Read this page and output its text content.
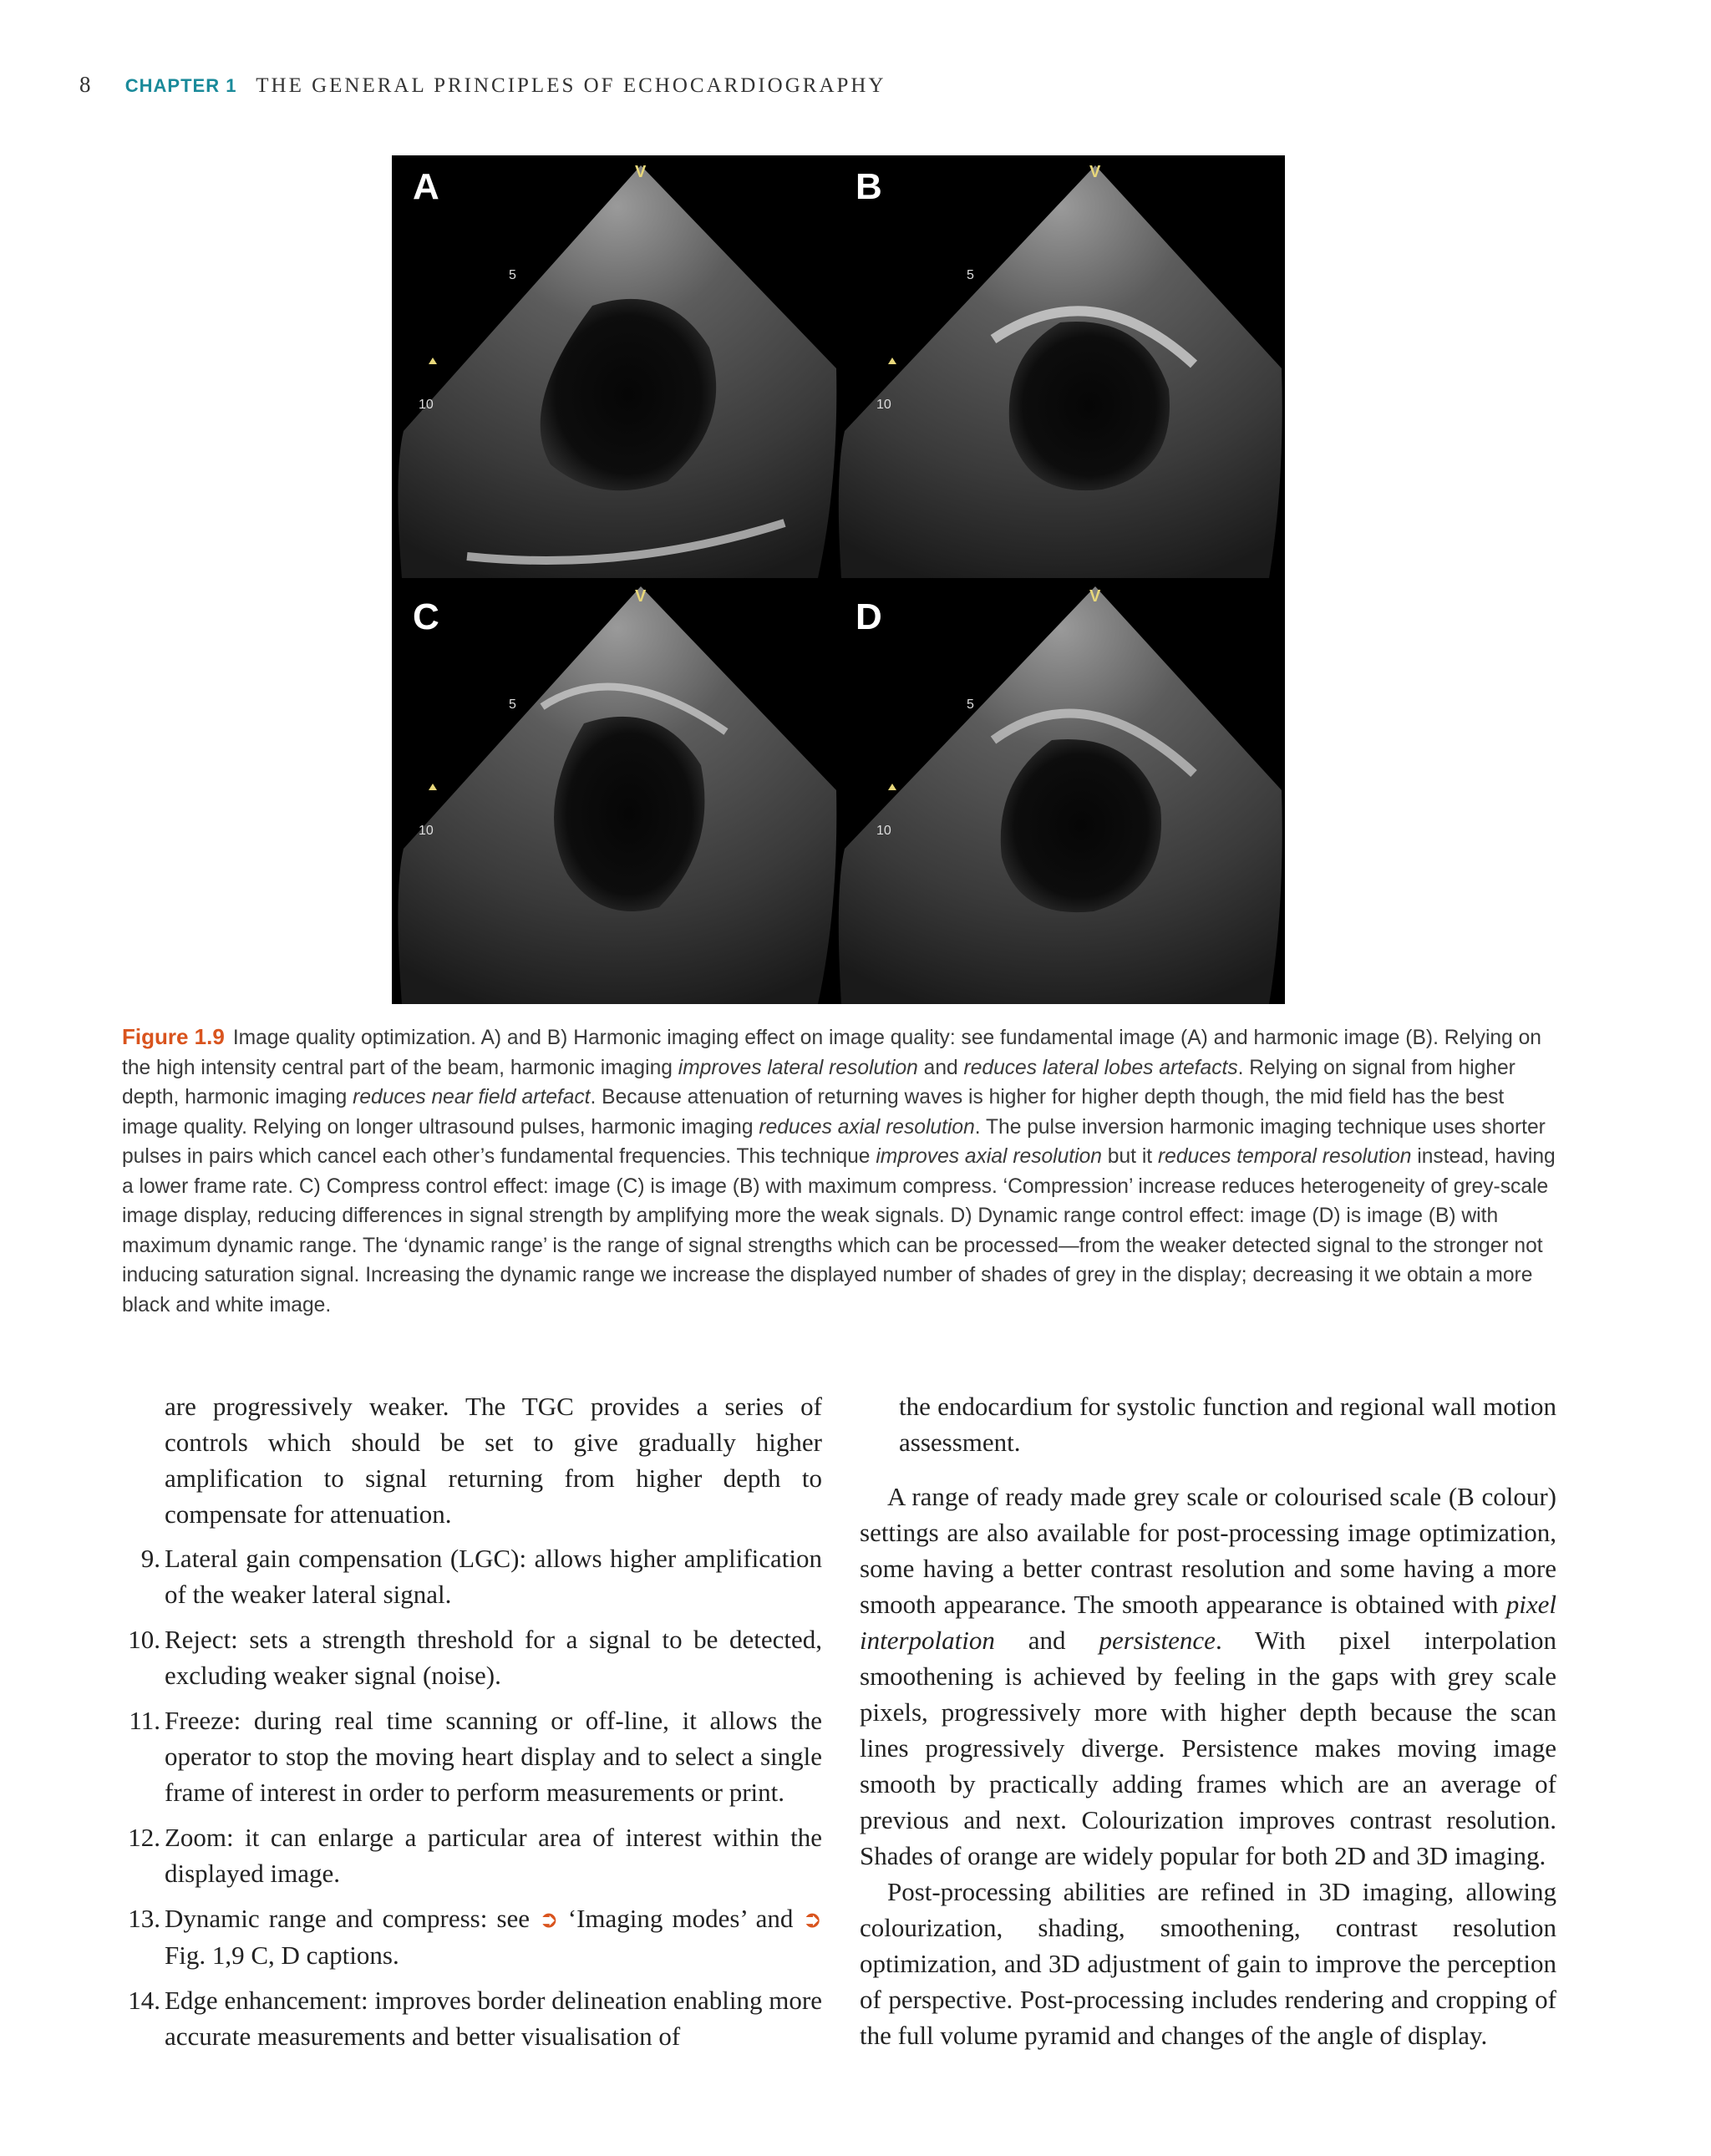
8 CHAPTER 1 THE GENERAL PRINCIPLES OF ECHOCARDIOGRAPHY
A	V
5
10
B	V
5
10
C	V
5
10
D	V
5
10
Figure 1.9 Image quality optimization. A) and B) Harmonic imaging effect on image quality: see fundamental image (A) and harmonic image (B). Relying on the high intensity central part of the beam, harmonic imaging improves lateral resolution and reduces lateral lobes artefacts. Relying on signal from higher depth, harmonic imaging reduces near field artefact. Because attenuation of returning waves is higher for higher depth though, the mid field has the best image quality. Relying on longer ultrasound pulses, harmonic imaging reduces axial resolution. The pulse inversion harmonic imaging technique uses shorter pulses in pairs which cancel each other’s fundamental frequencies. This technique improves axial resolution but it reduces temporal resolution instead, having a lower frame rate. C) Compress control effect: image (C) is image (B) with maximum compress. ‘Compression’ increase reduces heterogeneity of grey-scale image display, reducing differences in signal strength by amplifying more the weak signals. D) Dynamic range control effect: image (D) is image (B) with maximum dynamic range. The ‘dynamic range’ is the range of signal strengths which can be processed—from the weaker detected signal to the stronger not inducing saturation signal. Increasing the dynamic range we increase the displayed number of shades of grey in the display; decreasing it we obtain a more black and white image.

are progressively weaker. The TGC provides a series of controls which should be set to give gradually higher amplification to signal returning from higher depth to compensate for attenuation.

9. Lateral gain compensation (LGC): allows higher amplification of the weaker lateral signal.
10. Reject: sets a strength threshold for a signal to be detected, excluding weaker signal (noise).
11. Freeze: during real time scanning or off-line, it allows the operator to stop the moving heart display and to select a single frame of interest in order to perform measurements or print.
12. Zoom: it can enlarge a particular area of interest within the displayed image.
13. Dynamic range and compress: see ➲ ‘Imaging modes’ and ➲ Fig. 1,9 C, D captions.
14. Edge enhancement: improves border delineation enabling more accurate measurements and better visualisation of

the endocardium for systolic function and regional wall motion assessment.

A range of ready made grey scale or colourised scale (B colour) settings are also available for post-processing image optimization, some having a better contrast resolution and some having a more smooth appearance. The smooth appearance is obtained with pixel interpolation and persistence. With pixel interpolation smoothening is achieved by feeling in the gaps with grey scale pixels, progressively more with higher depth because the scan lines progressively diverge. Persistence makes moving image smooth by practically adding frames which are an average of previous and next. Colourization improves contrast resolution. Shades of orange are widely popular for both 2D and 3D imaging.

Post-processing abilities are refined in 3D imaging, allowing colourization, shading, smoothening, contrast resolution optimization, and 3D adjustment of gain to improve the perception of perspective. Post-processing includes rendering and cropping of the full volume pyramid and changes of the angle of display.
